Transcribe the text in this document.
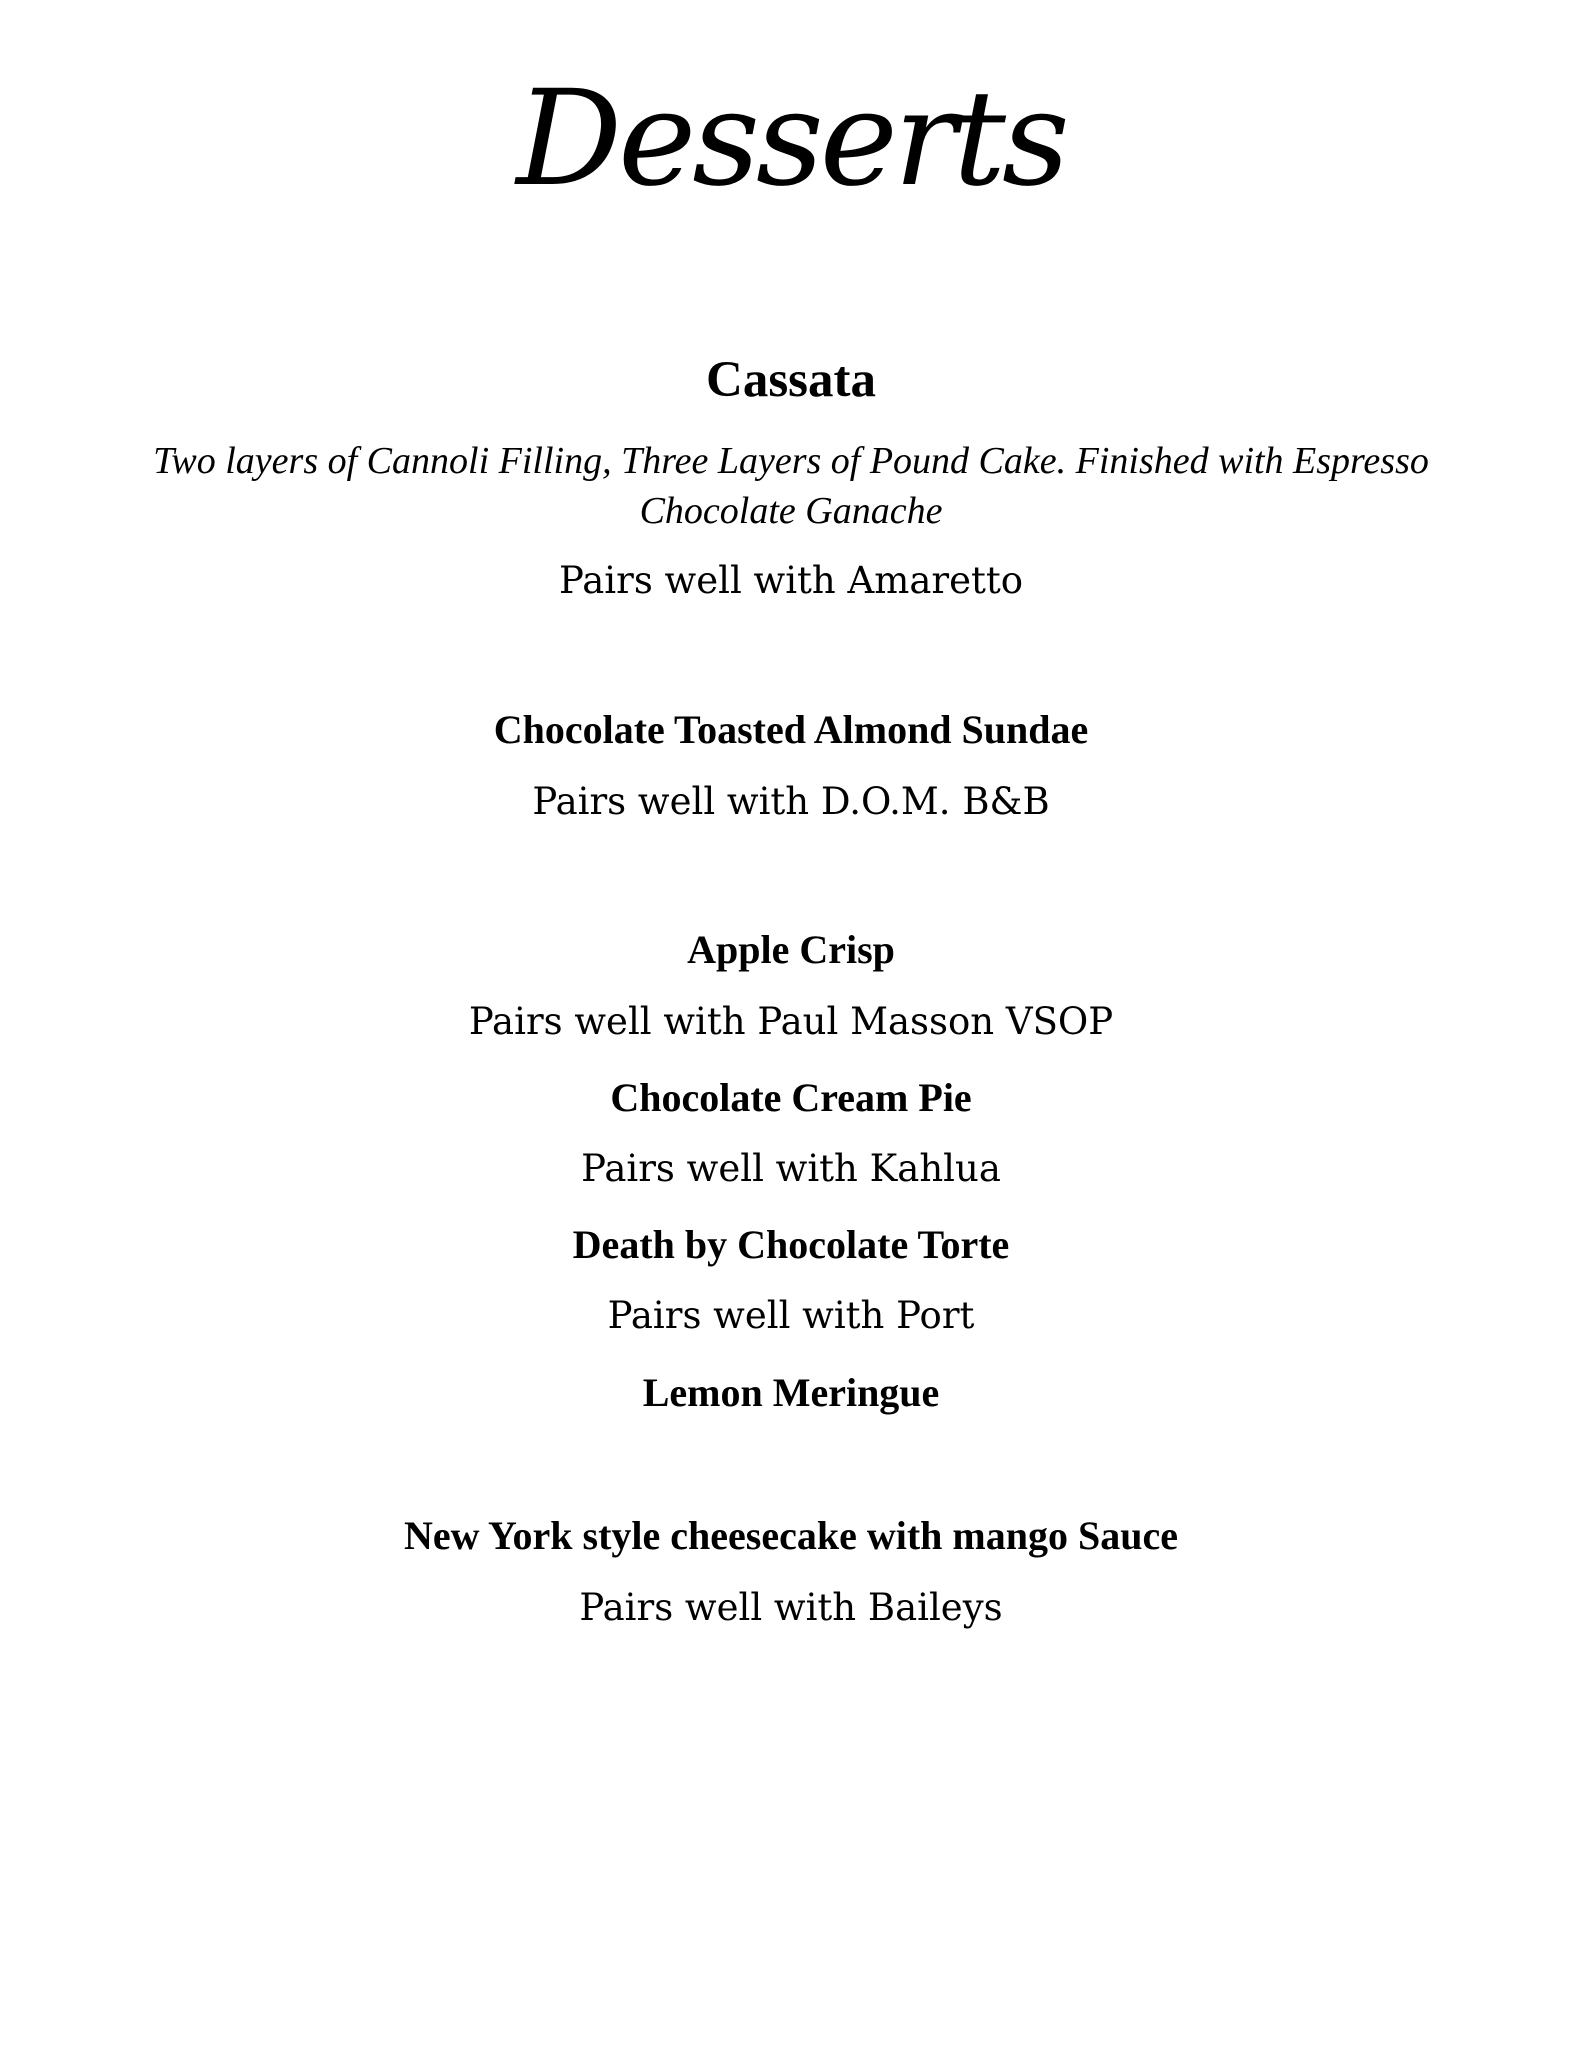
Desserts
Cassata

Two layers of Cannoli Filling, Three Layers of Pound Cake. Finished with Espresso
Chocolate Ganache

Pairs well with Amaretto

Chocolate Toasted Almond Sundae

Pairs well with D.O.M. B&B

Apple Crisp

Pairs well with Paul Masson VSOP

Chocolate Cream Pie

Pairs well with Kahlua

Death by Chocolate Torte

Pairs well with Port

Lemon Meringue
New York style cheesecake with mango Sauce

Pairs well with Baileys
